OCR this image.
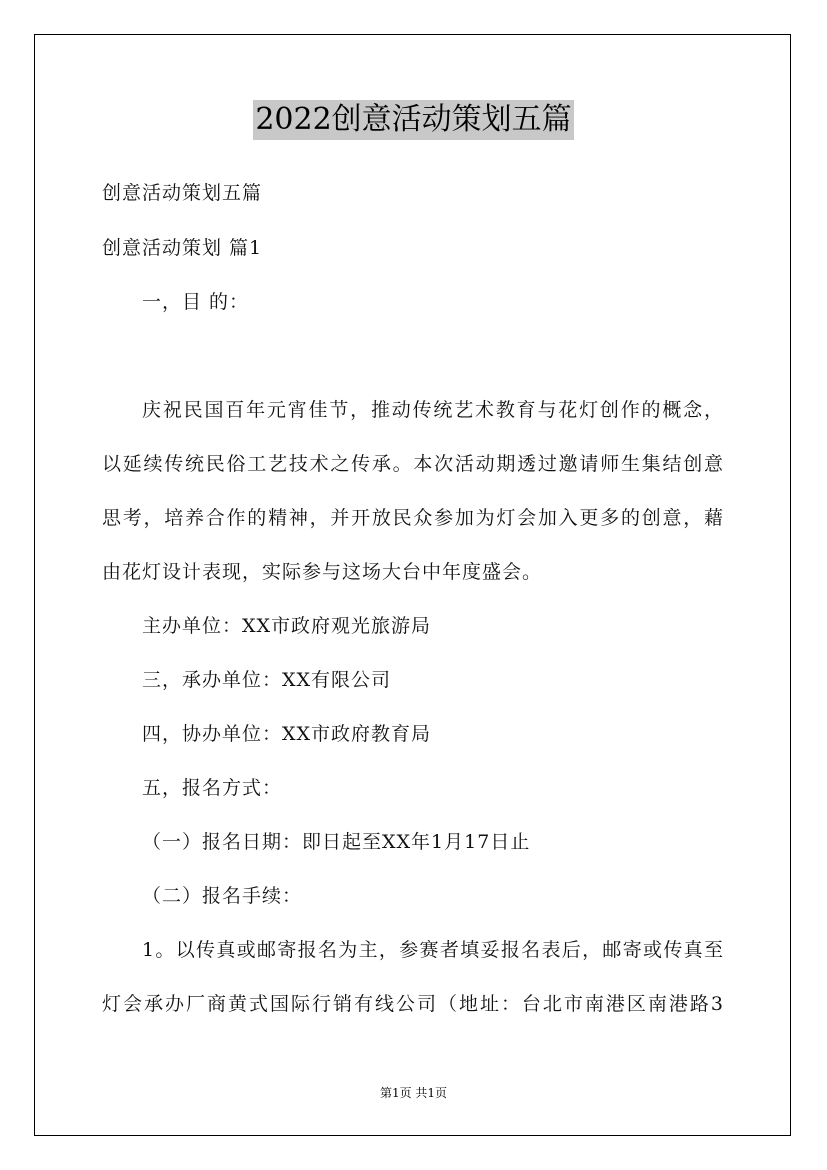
2022创意活动策划五篇
创意活动策划五篇
创意活动策划 篇1
一，目 的：
庆祝民国百年元宵佳节，推动传统艺术教育与花灯创作的概念，
以延续传统民俗工艺技术之传承。本次活动期透过邀请师生集结创意
思考，培养合作的精神，并开放民众参加为灯会加入更多的创意，藉
由花灯设计表现，实际参与这场大台中年度盛会。
主办单位：XX市政府观光旅游局
三，承办单位：XX有限公司
四，协办单位：XX市政府教育局
五，报名方式：
（一）报名日期：即日起至XX年1月17日止
（二）报名手续：
1。以传真或邮寄报名为主，参赛者填妥报名表后，邮寄或传真至
灯会承办厂商黄式国际行销有线公司（地址：台北市南港区南港路3
第1页 共1页
